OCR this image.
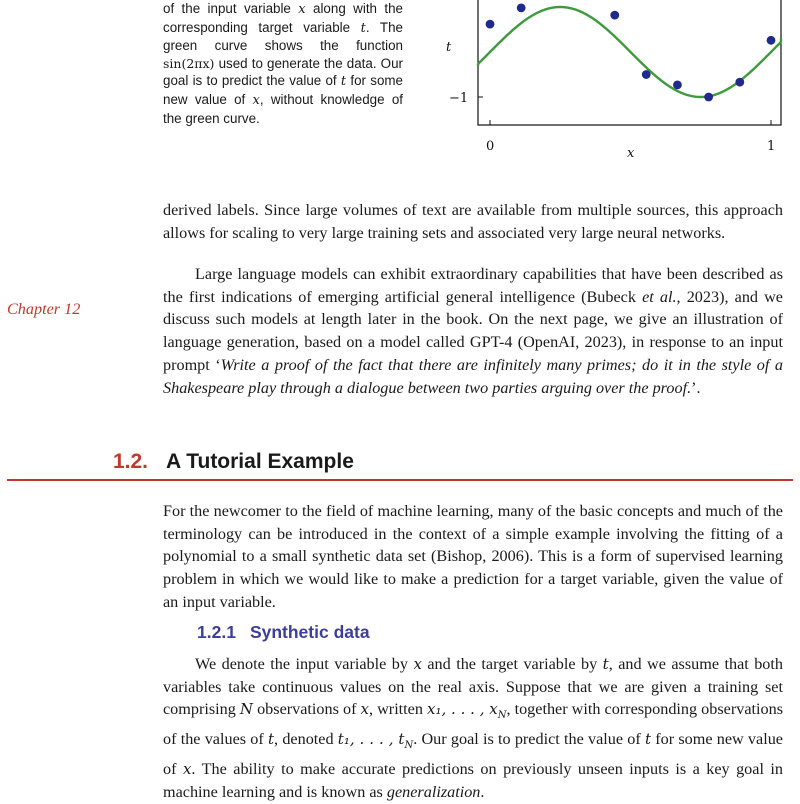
of the input variable x along with the corresponding target variable t. The green curve shows the function sin(2πx) used to generate the data. Our goal is to predict the value of t for some new value of x, without knowledge of the green curve.

t
−1
0	1
x

derived labels. Since large volumes of text are available from multiple sources, this approach allows for scaling to very large training sets and associated very large neural networks.

Chapter 12

Large language models can exhibit extraordinary capabilities that have been described as the first indications of emerging artificial general intelligence (Bubeck et al., 2023), and we discuss such models at length later in the book. On the next page, we give an illustration of language generation, based on a model called GPT-4 (OpenAI, 2023), in response to an input prompt ‘Write a proof of the fact that there are infinitely many primes; do it in the style of a Shakespeare play through a dialogue between two parties arguing over the proof.’.

1.2. A Tutorial Example

For the newcomer to the field of machine learning, many of the basic concepts and much of the terminology can be introduced in the context of a simple example involving the fitting of a polynomial to a small synthetic data set (Bishop, 2006). This is a form of supervised learning problem in which we would like to make a prediction for a target variable, given the value of an input variable.

1.2.1 Synthetic data

We denote the input variable by x and the target variable by t, and we assume that both variables take continuous values on the real axis. Suppose that we are given a training set comprising N observations of x, written x₁, . . . , $x_N$, together with corresponding observations of the values of t, denoted t₁, . . . , $t_N$. Our goal is to predict the value of t for some new value of x. The ability to make accurate predictions on previously unseen inputs is a key goal in machine learning and is known as generalization.
